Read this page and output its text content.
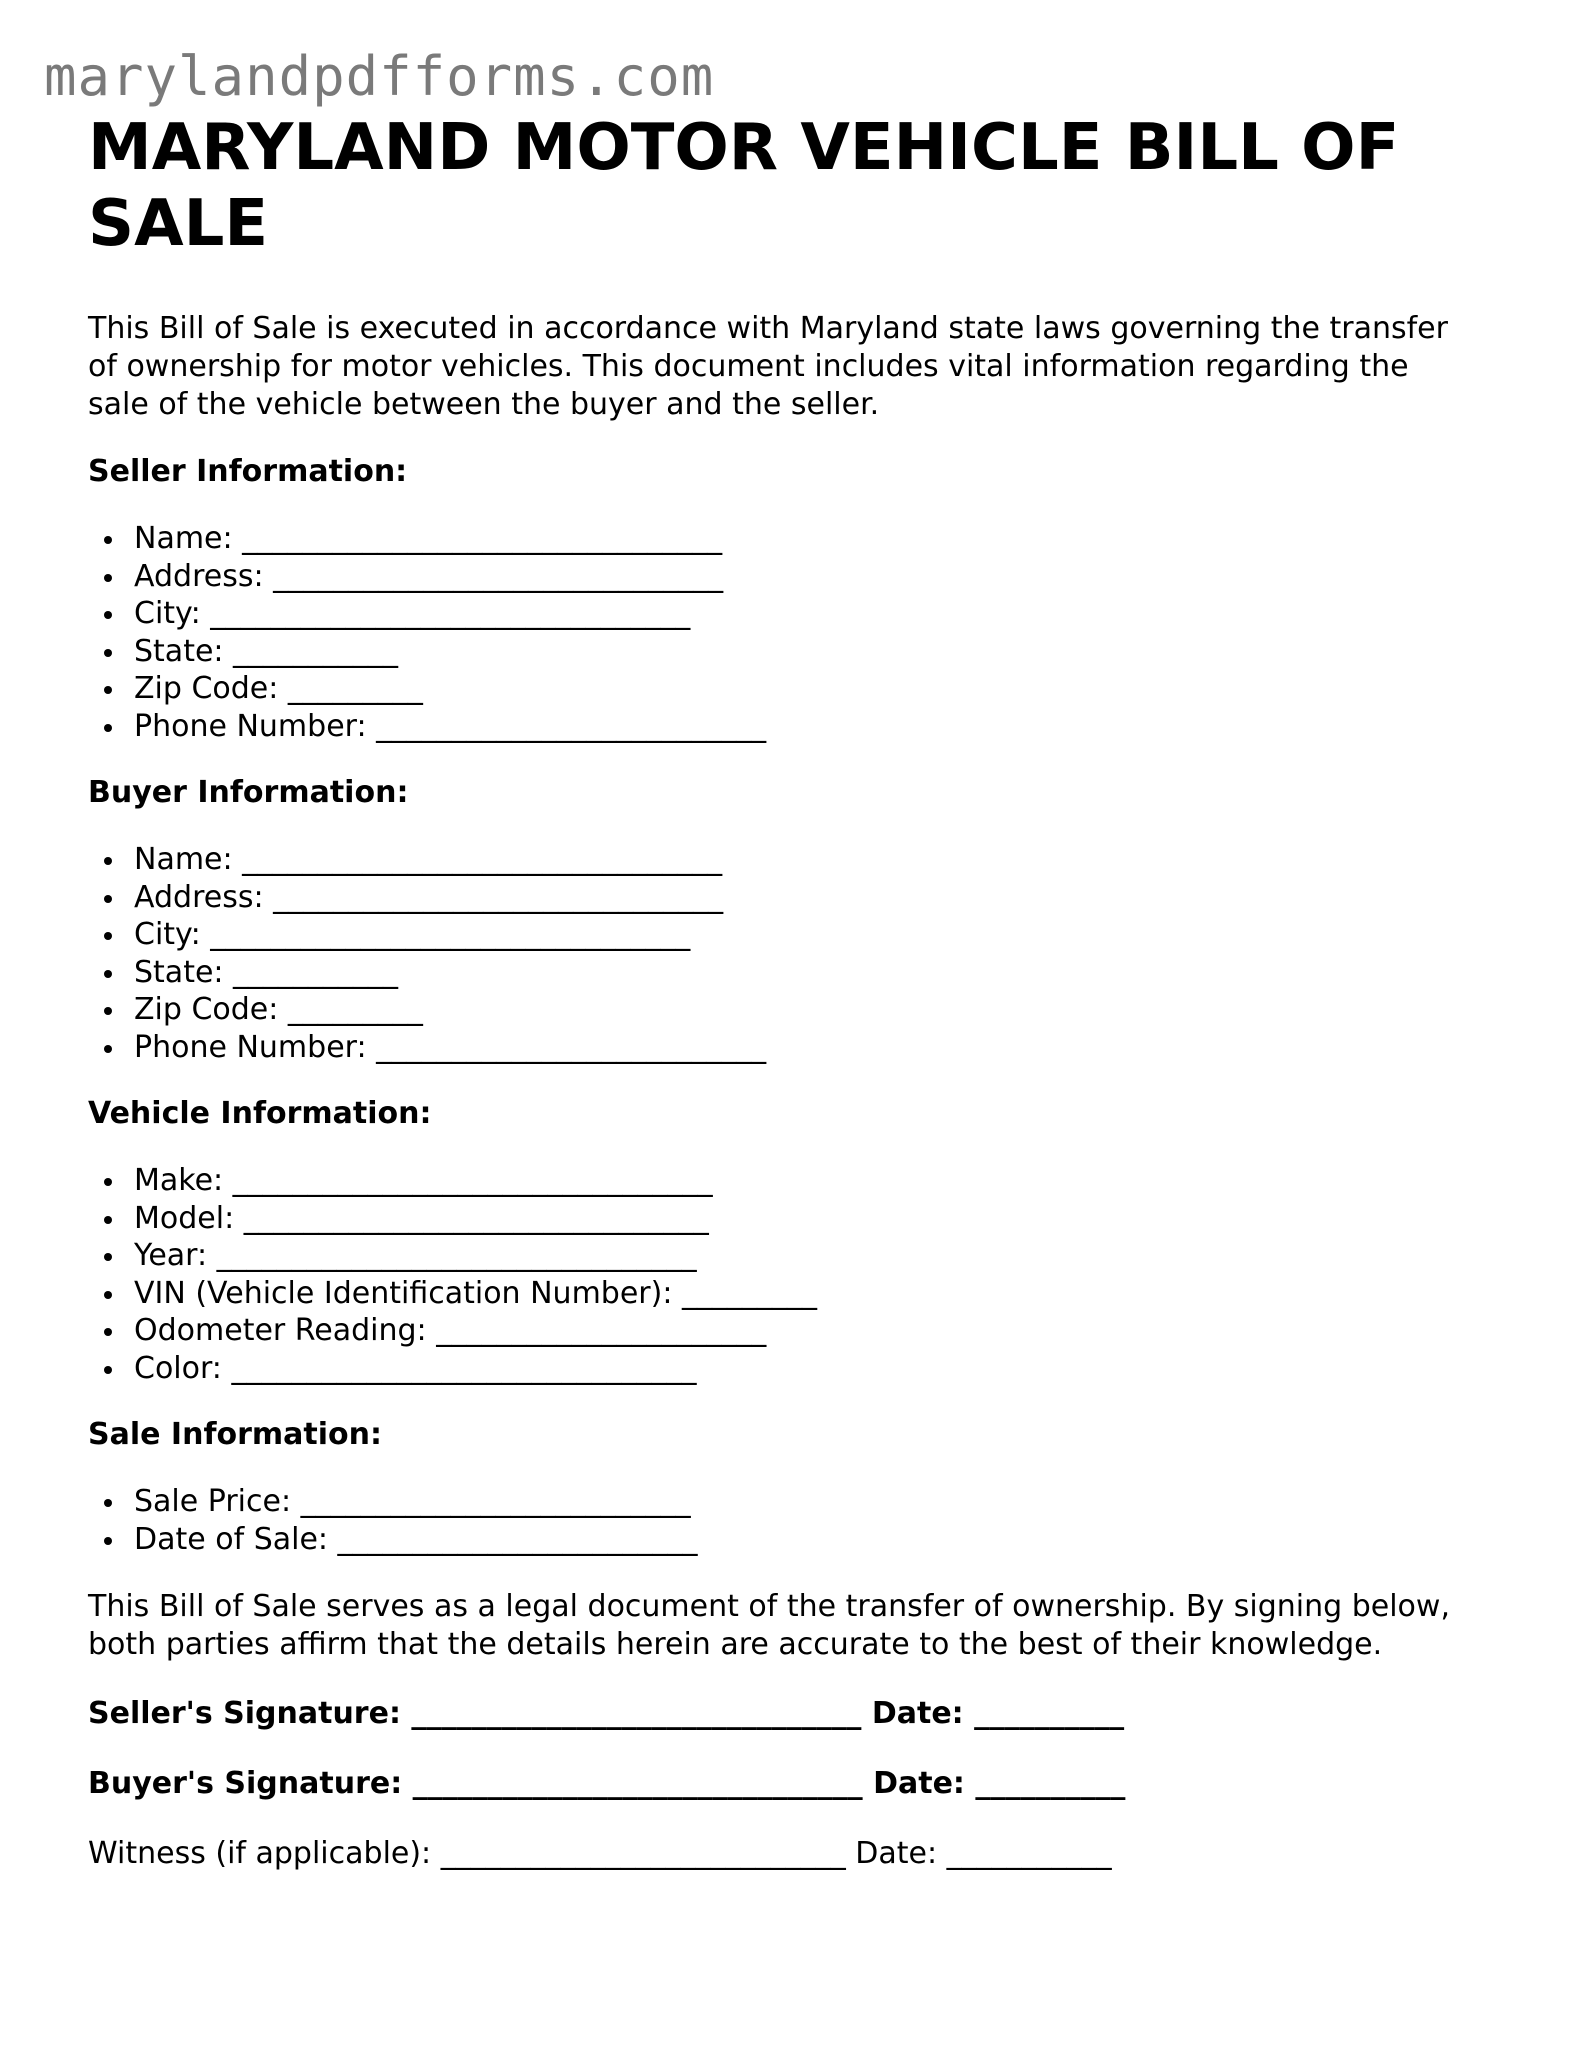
marylandpdfforms.com
MARYLAND MOTOR VEHICLE BILL OF SALE

This Bill of Sale is executed in accordance with Maryland state laws governing the transfer
of ownership for motor vehicles. This document includes vital information regarding the
sale of the vehicle between the buyer and the seller.

Seller Information:
Name: ________________________________
Address: ______________________________
City: ________________________________
State: ___________
Zip Code: _________
Phone Number: __________________________
Buyer Information:
Name: ________________________________
Address: ______________________________
City: ________________________________
State: ___________
Zip Code: _________
Phone Number: __________________________
Vehicle Information:
Make: ________________________________
Model: _______________________________
Year: ________________________________
VIN (Vehicle Identification Number): _________
Odometer Reading: ______________________
Color: _______________________________
Sale Information:
Sale Price: __________________________
Date of Sale: ________________________

This Bill of Sale serves as a legal document of the transfer of ownership. By signing below,
both parties affirm that the details herein are accurate to the best of their knowledge.

Seller's Signature: ______________________________ Date: __________
Buyer's Signature: ______________________________ Date: __________
Witness (if applicable): ___________________________ Date: ___________
